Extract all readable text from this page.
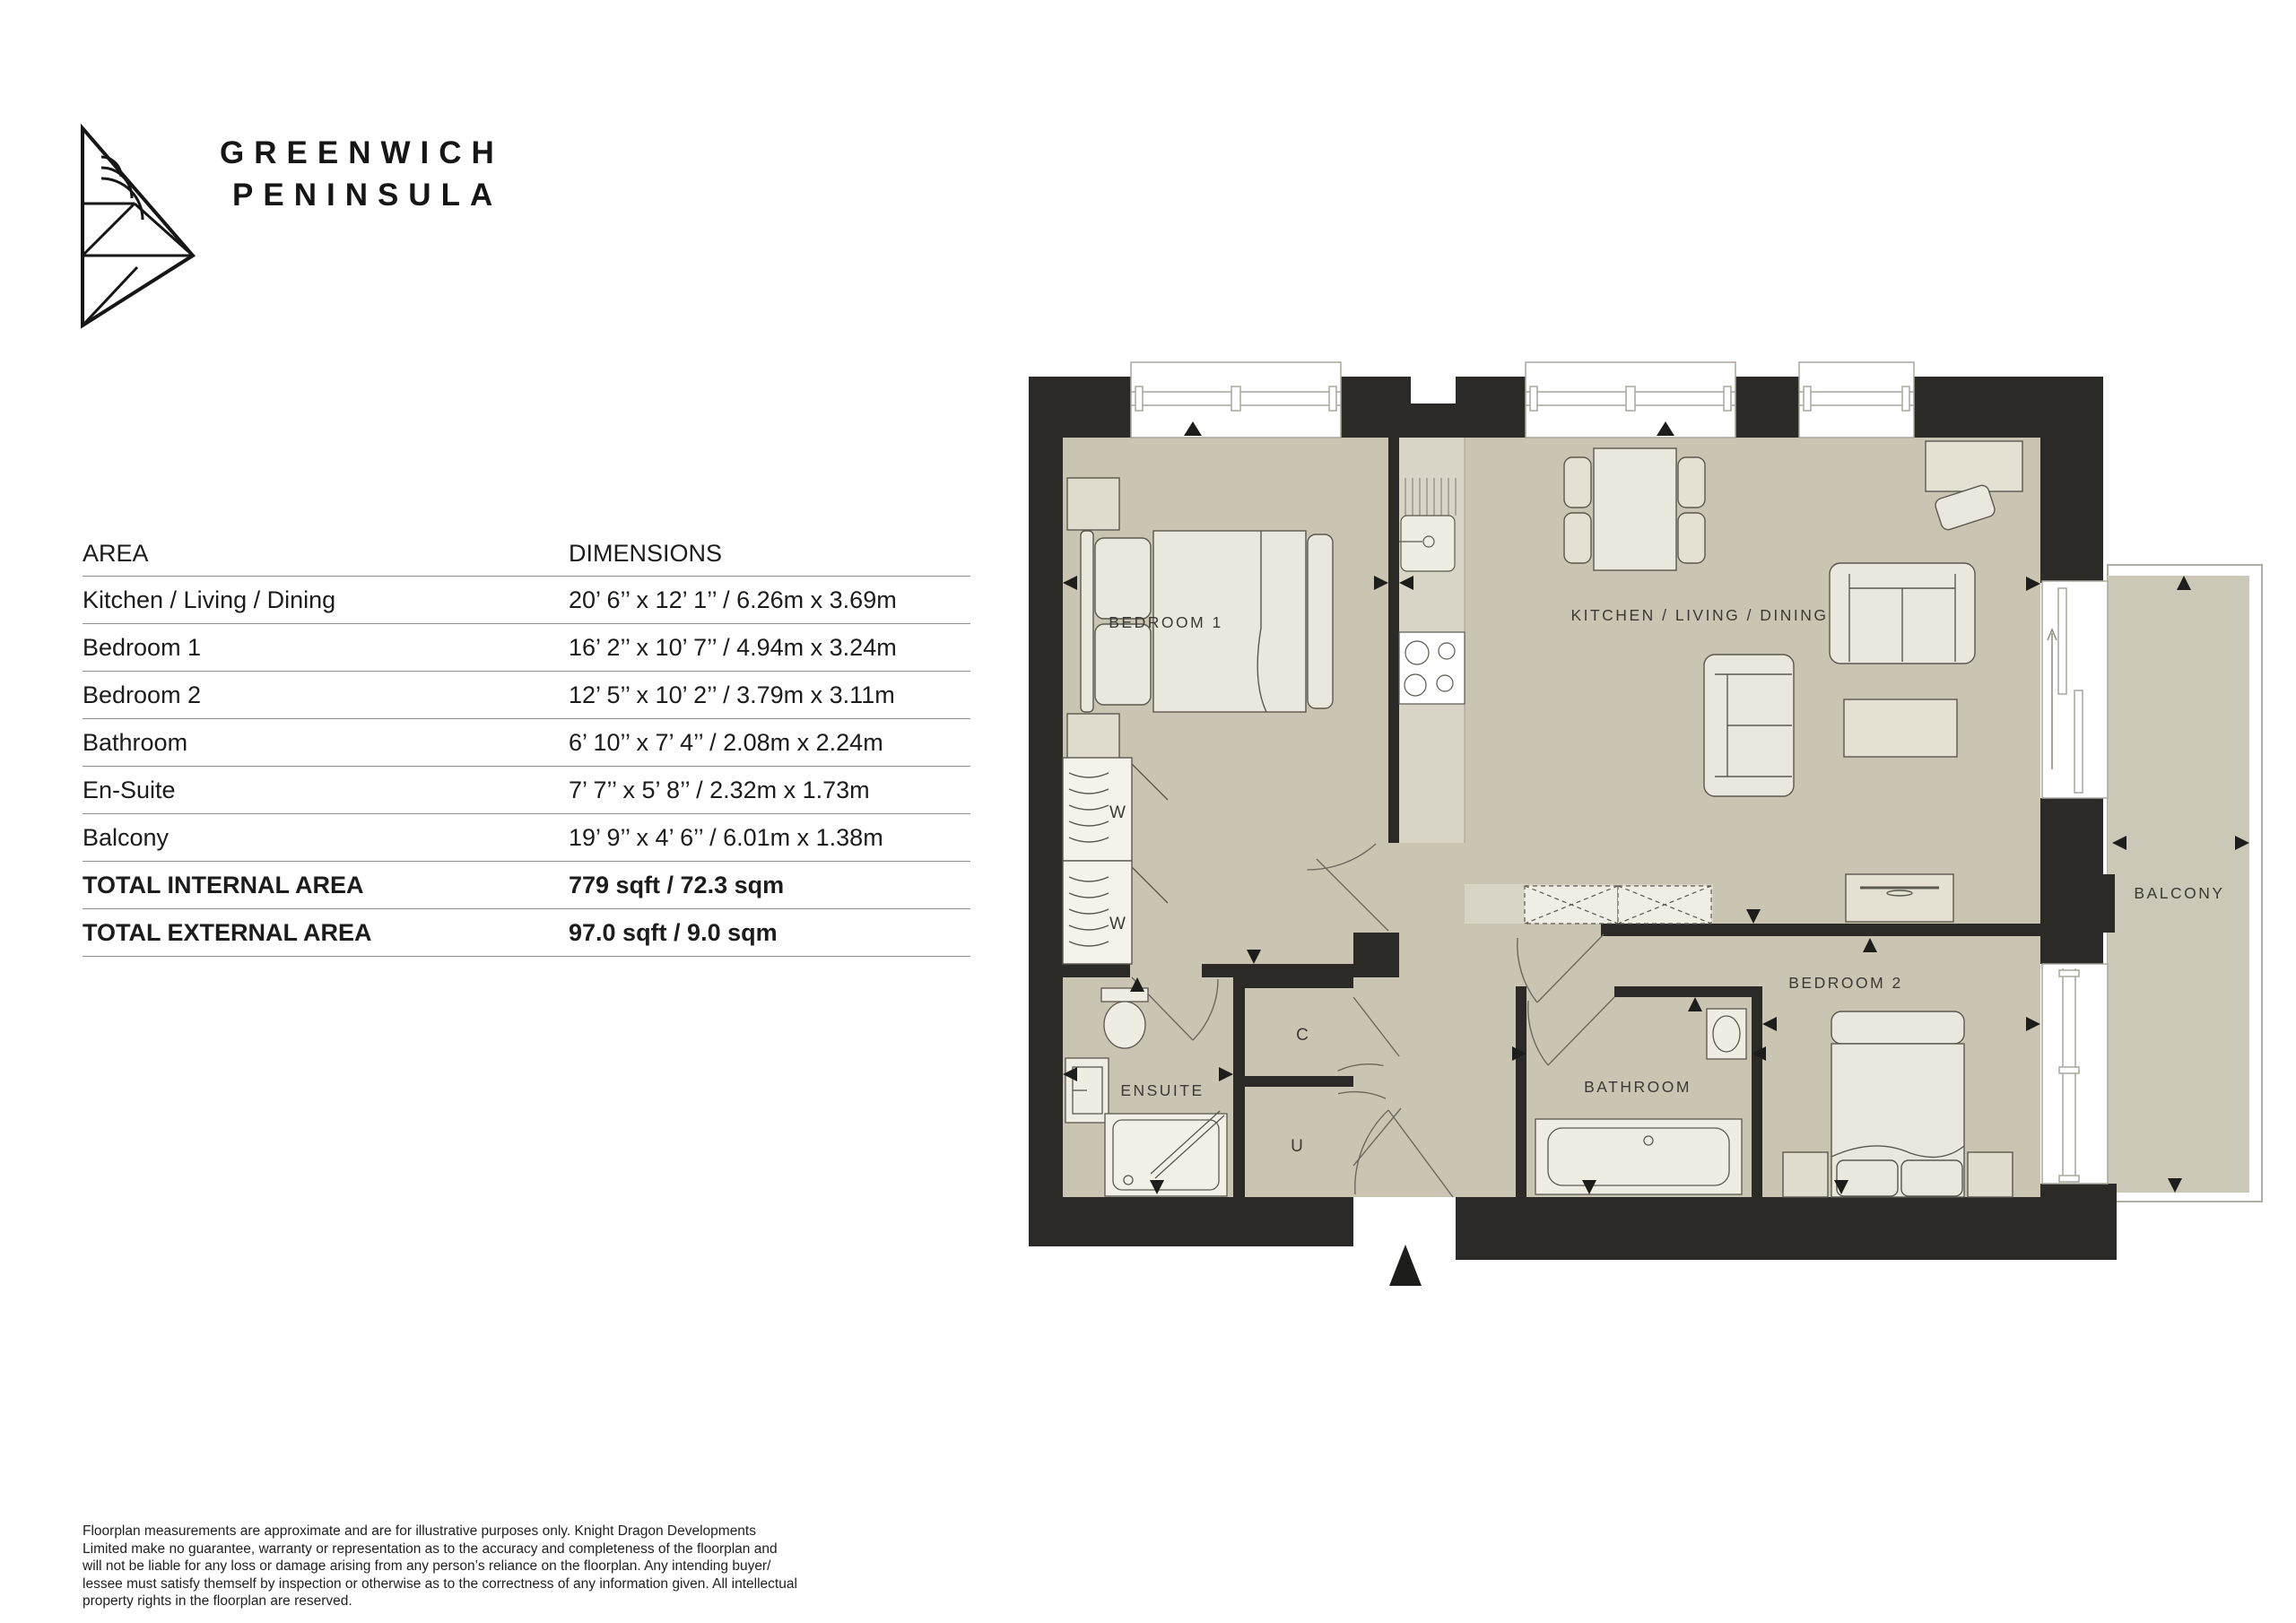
GREENWICH
PENINSULA
AREA	DIMENSIONS
Kitchen / Living / Dining	20’ 6’’ x 12’ 1’’ / 6.26m x 3.69m
Bedroom 1	16’ 2’’ x 10’ 7’’ / 4.94m x 3.24m
Bedroom 2	12’ 5’’ x 10’ 2’’ / 3.79m x 3.11m
Bathroom	6’ 10’’ x 7’ 4’’ / 2.08m x 2.24m
En-Suite	7’ 7’’ x 5’ 8’’ / 2.32m x 1.73m
Balcony	19’ 9’’ x 4’ 6’’ / 6.01m x 1.38m
TOTAL INTERNAL AREA	779 sqft / 72.3 sqm
TOTAL EXTERNAL AREA	97.0 sqft / 9.0 sqm
BALCONY
W
W
BEDROOM 1	KITCHEN / LIVING / DINING
BEDROOM 2
ENSUITE
C
U
BATHROOM
Floorplan measurements are approximate and are for illustrative purposes only. Knight Dragon Developments
Limited make no guarantee, warranty or representation as to the accuracy and completeness of the floorplan and
will not be liable for any loss or damage arising from any person’s reliance on the floorplan. Any intending buyer/
lessee must satisfy themself by inspection or otherwise as to the correctness of any information given. All intellectual
property rights in the floorplan are reserved.
